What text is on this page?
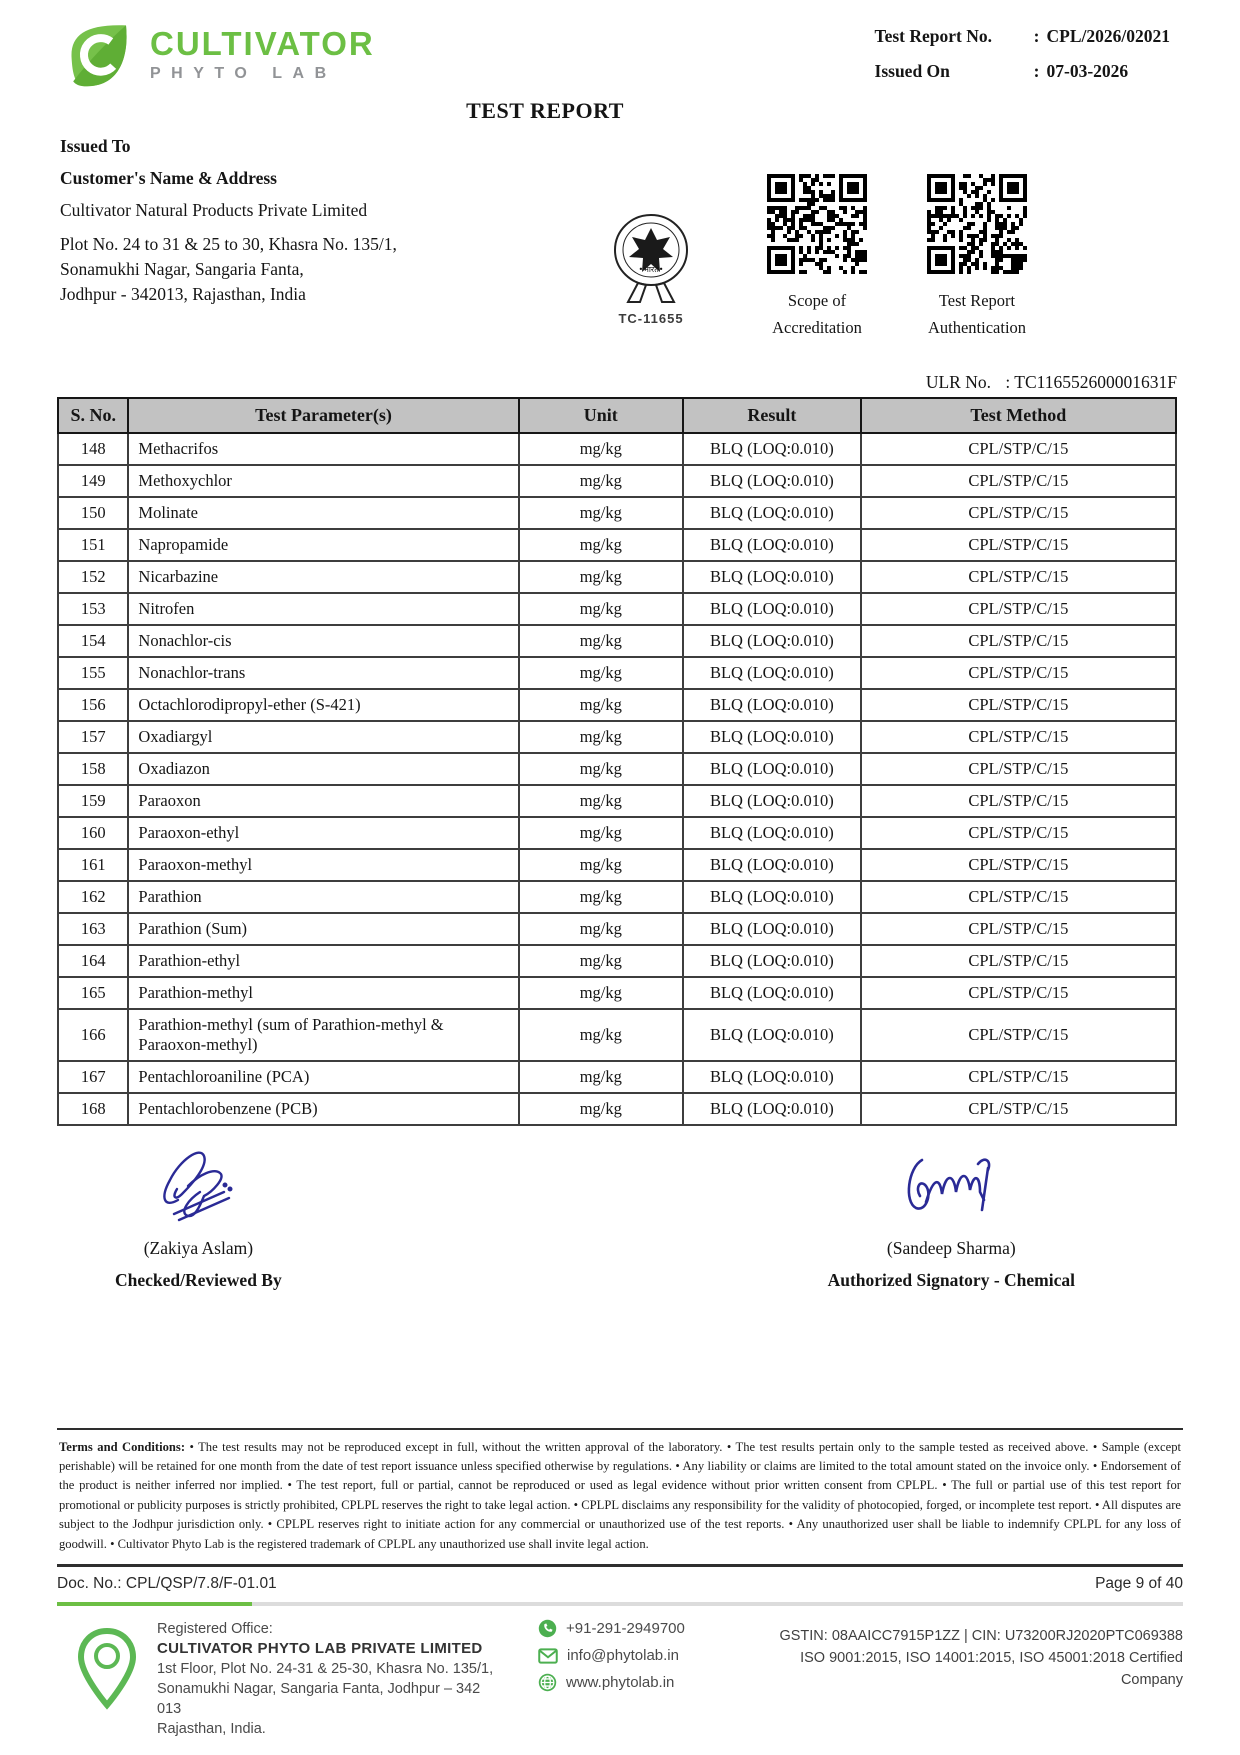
CULTIVATOR
PHYTO LAB
Test Report No.	: CPL/2026/02021
Issued On	: 07-03-2026
TEST REPORT
Issued To
Customer's Name & Address
Cultivator Natural Products Private Limited
Plot No. 24 to 31 & 25 to 30, Khasra No. 135/1,
Sonamukhi Nagar, Sangaria Fanta,
Jodhpur - 342013, Rajasthan, India
•भारत•
TC-11655
Scope of
Accreditation
Test Report
Authentication
ULR No. : TC116552600001631F
S. No.	Test Parameter(s)	Unit	Result	Test Method
148	Methacrifos	mg/kg	BLQ (LOQ:0.010)	CPL/STP/C/15
149	Methoxychlor	mg/kg	BLQ (LOQ:0.010)	CPL/STP/C/15
150	Molinate	mg/kg	BLQ (LOQ:0.010)	CPL/STP/C/15
151	Napropamide	mg/kg	BLQ (LOQ:0.010)	CPL/STP/C/15
152	Nicarbazine	mg/kg	BLQ (LOQ:0.010)	CPL/STP/C/15
153	Nitrofen	mg/kg	BLQ (LOQ:0.010)	CPL/STP/C/15
154	Nonachlor-cis	mg/kg	BLQ (LOQ:0.010)	CPL/STP/C/15
155	Nonachlor-trans	mg/kg	BLQ (LOQ:0.010)	CPL/STP/C/15
156	Octachlorodipropyl-ether (S-421)	mg/kg	BLQ (LOQ:0.010)	CPL/STP/C/15
157	Oxadiargyl	mg/kg	BLQ (LOQ:0.010)	CPL/STP/C/15
158	Oxadiazon	mg/kg	BLQ (LOQ:0.010)	CPL/STP/C/15
159	Paraoxon	mg/kg	BLQ (LOQ:0.010)	CPL/STP/C/15
160	Paraoxon-ethyl	mg/kg	BLQ (LOQ:0.010)	CPL/STP/C/15
161	Paraoxon-methyl	mg/kg	BLQ (LOQ:0.010)	CPL/STP/C/15
162	Parathion	mg/kg	BLQ (LOQ:0.010)	CPL/STP/C/15
163	Parathion (Sum)	mg/kg	BLQ (LOQ:0.010)	CPL/STP/C/15
164	Parathion-ethyl	mg/kg	BLQ (LOQ:0.010)	CPL/STP/C/15
165	Parathion-methyl	mg/kg	BLQ (LOQ:0.010)	CPL/STP/C/15
166	Parathion-methyl (sum of Parathion-methyl & Paraoxon-methyl)	mg/kg	BLQ (LOQ:0.010)	CPL/STP/C/15
167	Pentachloroaniline (PCA)	mg/kg	BLQ (LOQ:0.010)	CPL/STP/C/15
168	Pentachlorobenzene (PCB)	mg/kg	BLQ (LOQ:0.010)	CPL/STP/C/15
(Zakiya Aslam)
Checked/Reviewed By
(Sandeep Sharma)
Authorized Signatory - Chemical
Terms and Conditions: • The test results may not be reproduced except in full, without the written approval of the laboratory. • The test results pertain only to the sample tested as received above. • Sample (except perishable) will be retained for one month from the date of test report issuance unless specified otherwise by regulations. • Any liability or claims are limited to the total amount stated on the invoice only. • Endorsement of the product is neither inferred nor implied. • The test report, full or partial, cannot be reproduced or used as legal evidence without prior written consent from CPLPL. • The full or partial use of this test report for promotional or publicity purposes is strictly prohibited, CPLPL reserves the right to take legal action. • CPLPL disclaims any responsibility for the validity of photocopied, forged, or incomplete test report. • All disputes are subject to the Jodhpur jurisdiction only. • CPLPL reserves right to initiate action for any commercial or unauthorized use of the test reports. • Any unauthorized user shall be liable to indemnify CPLPL for any loss of goodwill. • Cultivator Phyto Lab is the registered trademark of CPLPL any unauthorized use shall invite legal action.
Doc. No.: CPL/QSP/7.8/F-01.01	Page 9 of 40
Registered Office:
CULTIVATOR PHYTO LAB PRIVATE LIMITED
1st Floor, Plot No. 24-31 & 25-30, Khasra No. 135/1,
Sonamukhi Nagar, Sangaria Fanta, Jodhpur – 342 013
Rajasthan, India.
+91-291-2949700
info@phytolab.in
www.phytolab.in
GSTIN: 08AAICC7915P1ZZ | CIN: U73200RJ2020PTC069388
ISO 9001:2015, ISO 14001:2015, ISO 45001:2018 Certified Company
